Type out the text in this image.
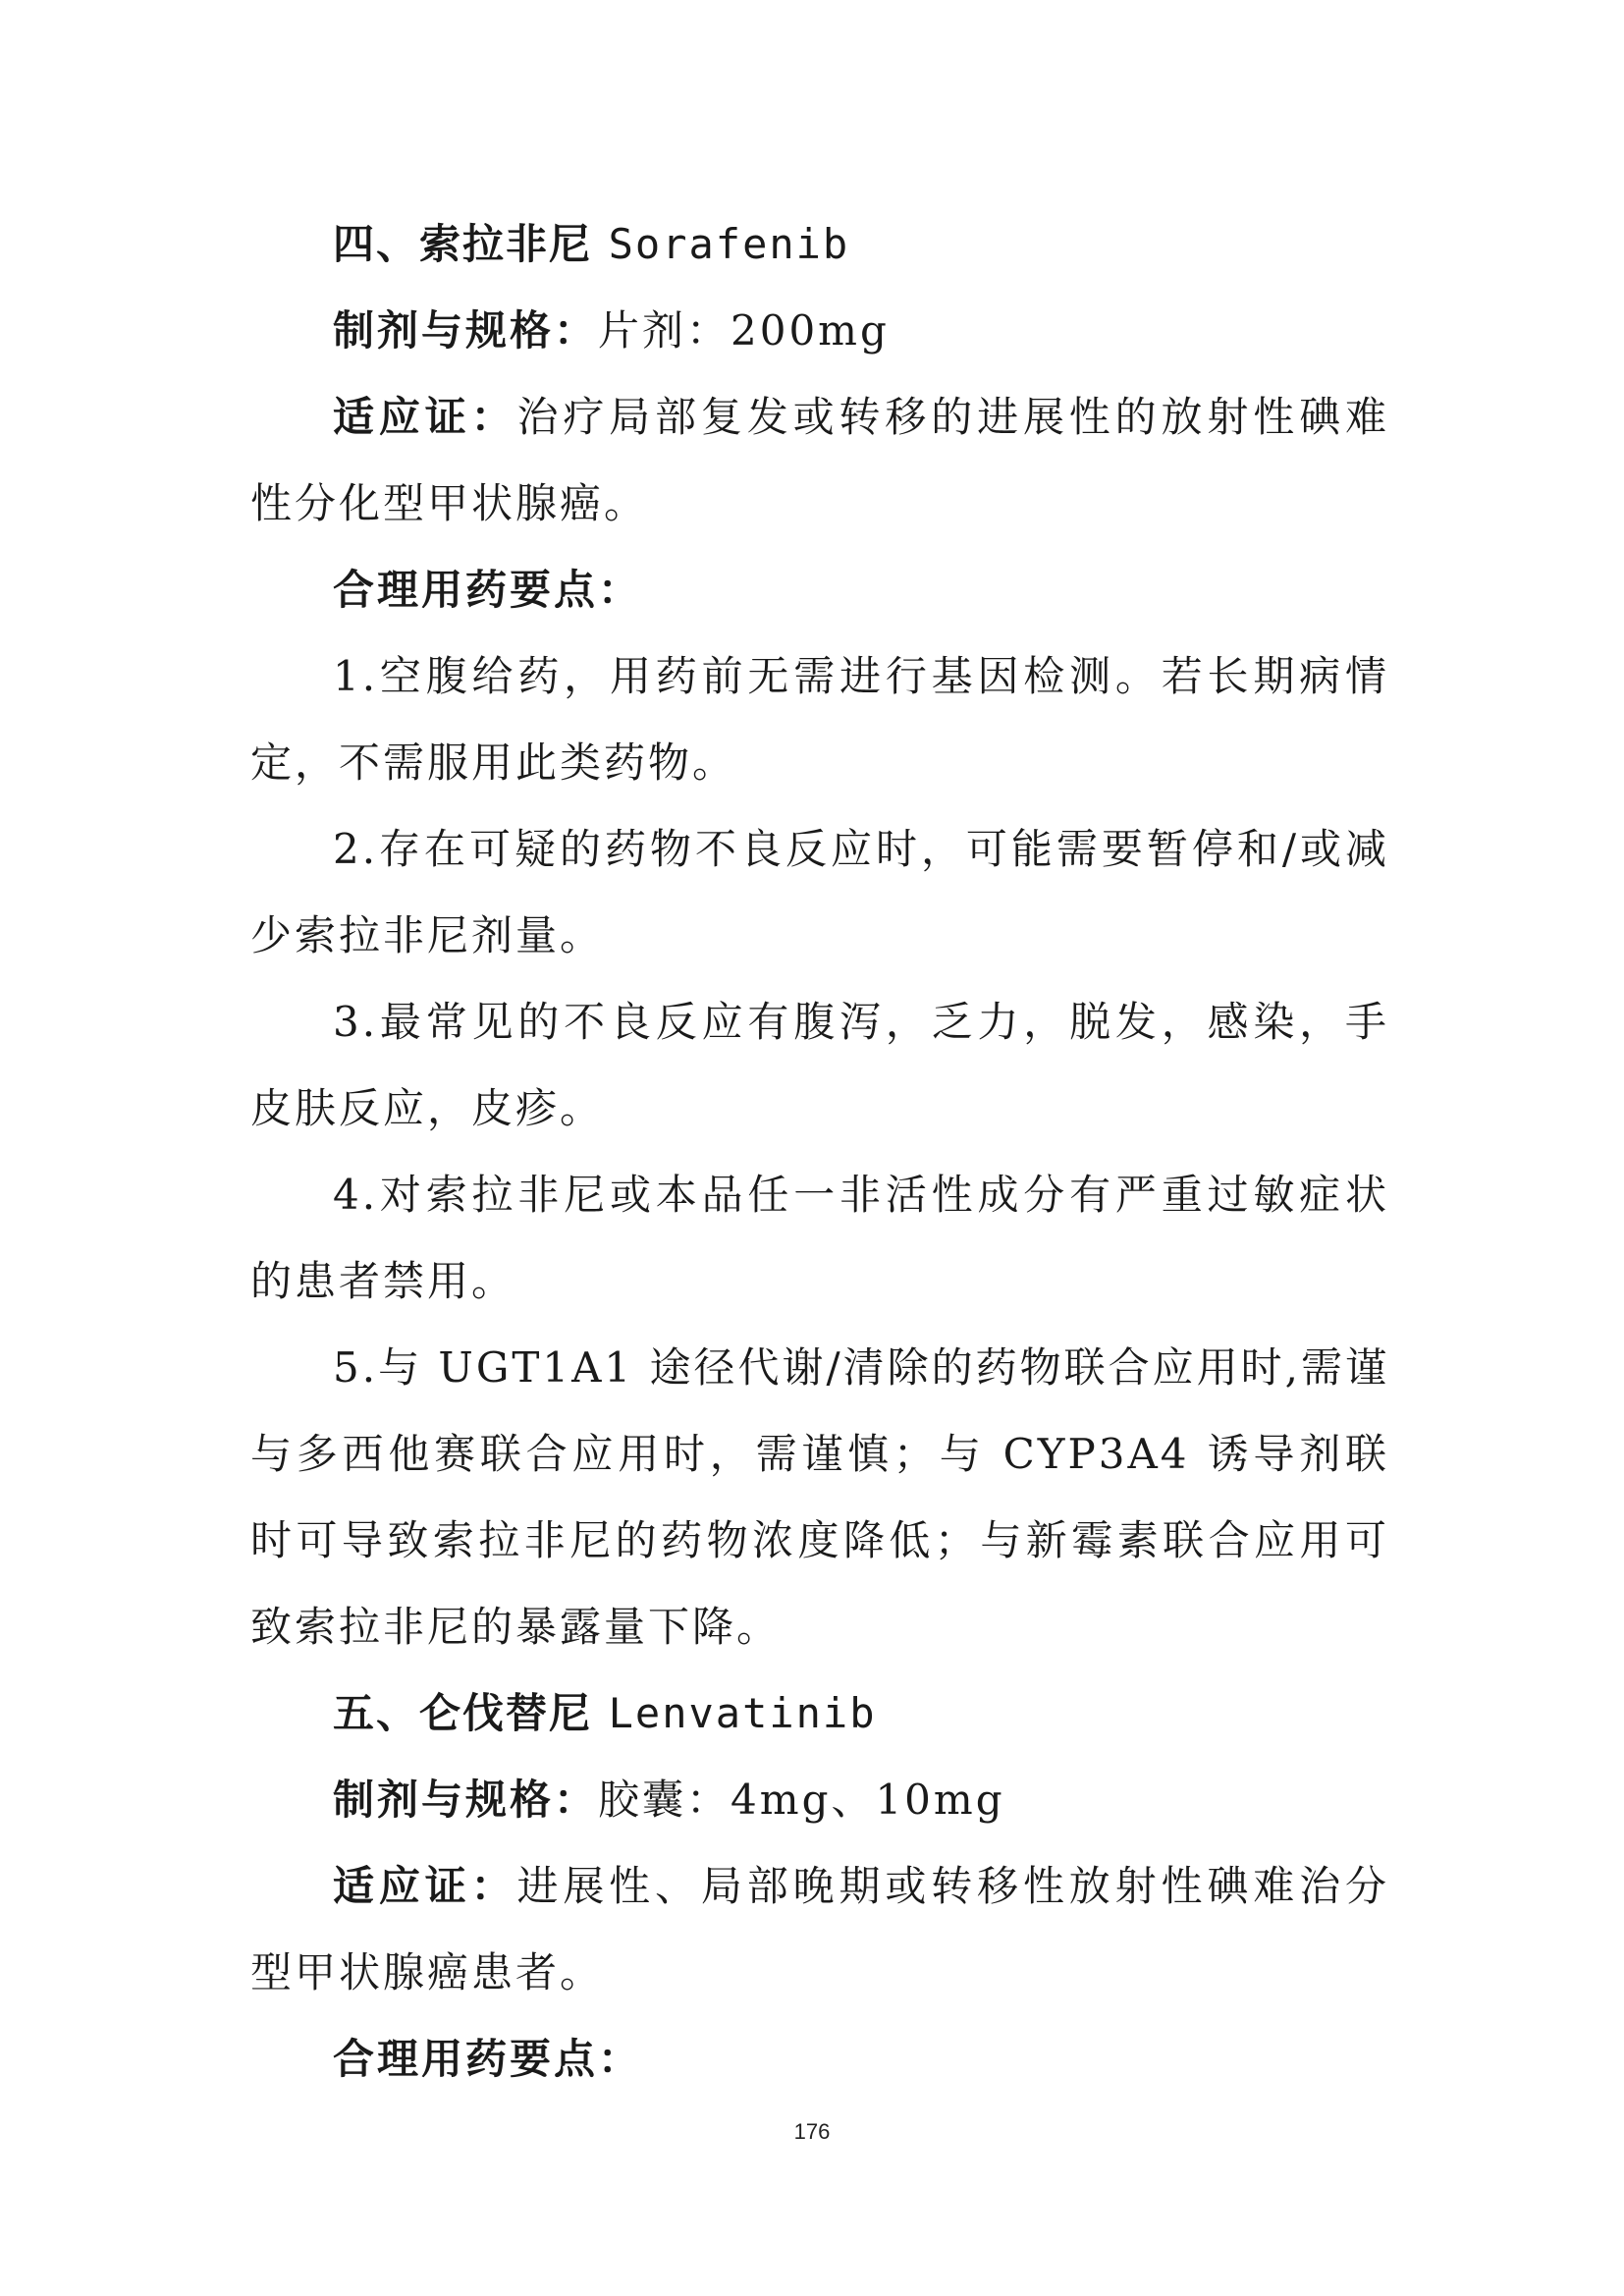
四、索拉非尼 Sorafenib
制剂与规格：片剂：200mg
适应证：治疗局部复发或转移的进展性的放射性碘难
性分化型甲状腺癌。
合理用药要点：
1.空腹给药，用药前无需进行基因检测。若长期病情
定，不需服用此类药物。
2.存在可疑的药物不良反应时，可能需要暂停和/或减
少索拉非尼剂量。
3.最常见的不良反应有腹泻，乏力，脱发，感染，手
皮肤反应，皮疹。
4.对索拉非尼或本品任一非活性成分有严重过敏症状
的患者禁用。
5.与 UGT1A1 途径代谢/清除的药物联合应用时,需谨
与多西他赛联合应用时，需谨慎；与 CYP3A4 诱导剂联
时可导致索拉非尼的药物浓度降低；与新霉素联合应用可
致索拉非尼的暴露量下降。
五、仑伐替尼 Lenvatinib
制剂与规格：胶囊：4mg、10mg
适应证：进展性、局部晚期或转移性放射性碘难治分
型甲状腺癌患者。
合理用药要点：
176
